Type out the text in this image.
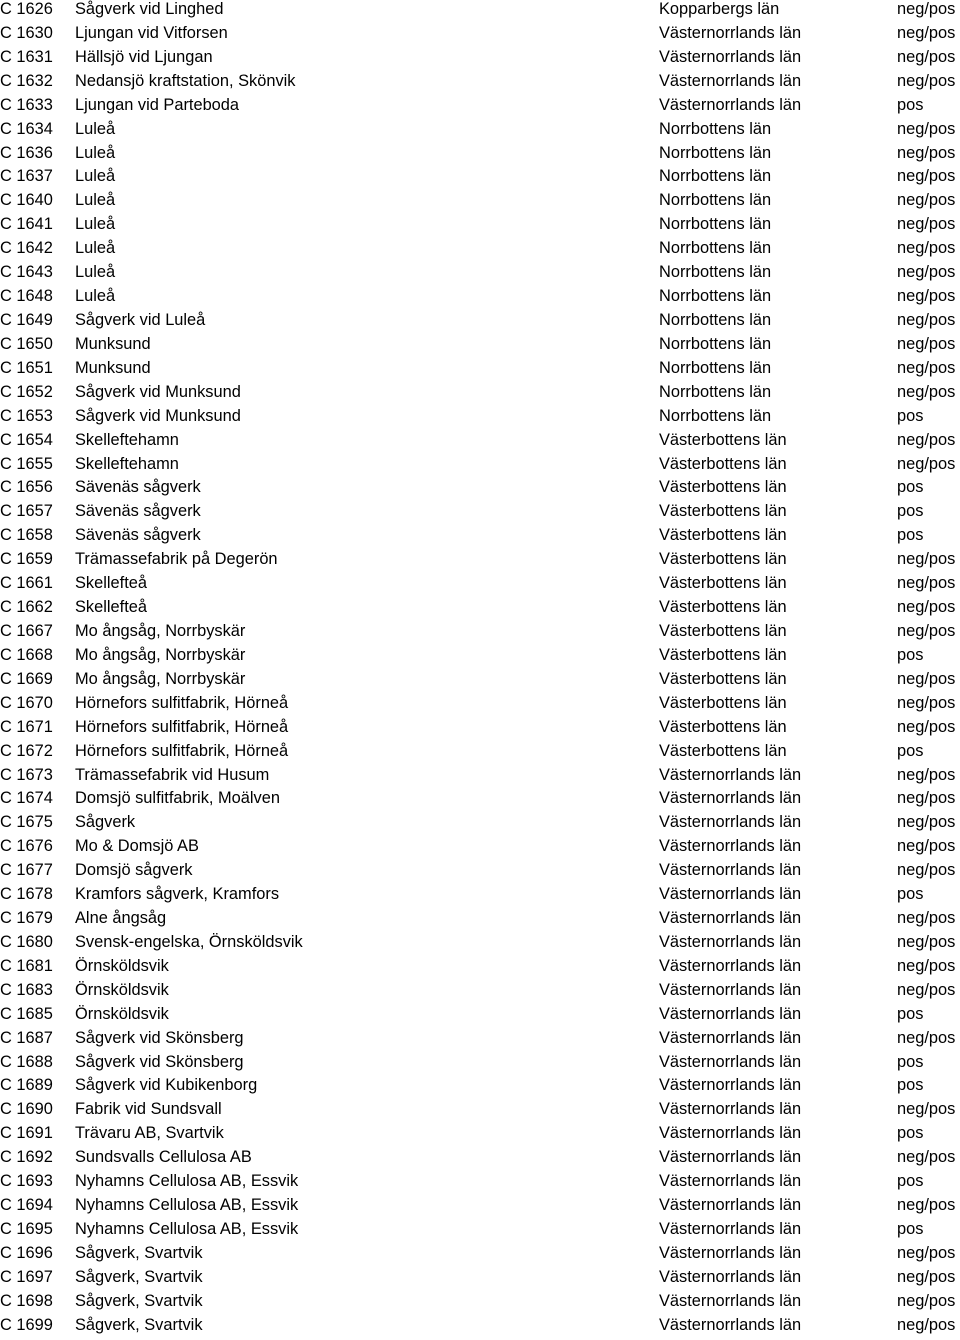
C 1626 Sågverk vid Linghed	Kopparbergs län	neg/pos
C 1630 Ljungan vid Vitforsen	Västernorrlands län	neg/pos
C 1631 Hällsjö vid Ljungan	Västernorrlands län	neg/pos
C 1632 Nedansjö kraftstation, Skönvik	Västernorrlands län	neg/pos
C 1633 Ljungan vid Parteboda	Västernorrlands län	pos
C 1634 Luleå	Norrbottens län	neg/pos
C 1636 Luleå	Norrbottens län	neg/pos
C 1637 Luleå	Norrbottens län	neg/pos
C 1640 Luleå	Norrbottens län	neg/pos
C 1641 Luleå	Norrbottens län	neg/pos
C 1642 Luleå	Norrbottens län	neg/pos
C 1643 Luleå	Norrbottens län	neg/pos
C 1648 Luleå	Norrbottens län	neg/pos
C 1649 Sågverk vid Luleå	Norrbottens län	neg/pos
C 1650 Munksund	Norrbottens län	neg/pos
C 1651 Munksund	Norrbottens län	neg/pos
C 1652 Sågverk vid Munksund	Norrbottens län	neg/pos
C 1653 Sågverk vid Munksund	Norrbottens län	pos
C 1654 Skelleftehamn	Västerbottens län	neg/pos
C 1655 Skelleftehamn	Västerbottens län	neg/pos
C 1656 Sävenäs sågverk	Västerbottens län	pos
C 1657 Sävenäs sågverk	Västerbottens län	pos
C 1658 Sävenäs sågverk	Västerbottens län	pos
C 1659 Trämassefabrik på Degerön	Västerbottens län	neg/pos
C 1661 Skellefteå	Västerbottens län	neg/pos
C 1662 Skellefteå	Västerbottens län	neg/pos
C 1667 Mo ångsåg, Norrbyskär	Västerbottens län	neg/pos
C 1668 Mo ångsåg, Norrbyskär	Västerbottens län	pos
C 1669 Mo ångsåg, Norrbyskär	Västerbottens län	neg/pos
C 1670 Hörnefors sulfitfabrik, Hörneå	Västerbottens län	neg/pos
C 1671 Hörnefors sulfitfabrik, Hörneå	Västerbottens län	neg/pos
C 1672 Hörnefors sulfitfabrik, Hörneå	Västerbottens län	pos
C 1673 Trämassefabrik vid Husum	Västernorrlands län	neg/pos
C 1674 Domsjö sulfitfabrik, Moälven	Västernorrlands län	neg/pos
C 1675 Sågverk	Västernorrlands län	neg/pos
C 1676 Mo & Domsjö AB	Västernorrlands län	neg/pos
C 1677 Domsjö sågverk	Västernorrlands län	neg/pos
C 1678 Kramfors sågverk, Kramfors	Västernorrlands län	pos
C 1679 Alne ångsåg	Västernorrlands län	neg/pos
C 1680 Svensk-engelska, Örnsköldsvik	Västernorrlands län	neg/pos
C 1681 Örnsköldsvik	Västernorrlands län	neg/pos
C 1683 Örnsköldsvik	Västernorrlands län	neg/pos
C 1685 Örnsköldsvik	Västernorrlands län	pos
C 1687 Sågverk vid Skönsberg	Västernorrlands län	neg/pos
C 1688 Sågverk vid Skönsberg	Västernorrlands län	pos
C 1689 Sågverk vid Kubikenborg	Västernorrlands län	pos
C 1690 Fabrik vid Sundsvall	Västernorrlands län	neg/pos
C 1691 Trävaru AB, Svartvik	Västernorrlands län	pos
C 1692 Sundsvalls Cellulosa AB	Västernorrlands län	neg/pos
C 1693 Nyhamns Cellulosa AB, Essvik	Västernorrlands län	pos
C 1694 Nyhamns Cellulosa AB, Essvik	Västernorrlands län	neg/pos
C 1695 Nyhamns Cellulosa AB, Essvik	Västernorrlands län	pos
C 1696 Sågverk, Svartvik	Västernorrlands län	neg/pos
C 1697 Sågverk, Svartvik	Västernorrlands län	neg/pos
C 1698 Sågverk, Svartvik	Västernorrlands län	neg/pos
C 1699 Sågverk, Svartvik	Västernorrlands län	neg/pos
